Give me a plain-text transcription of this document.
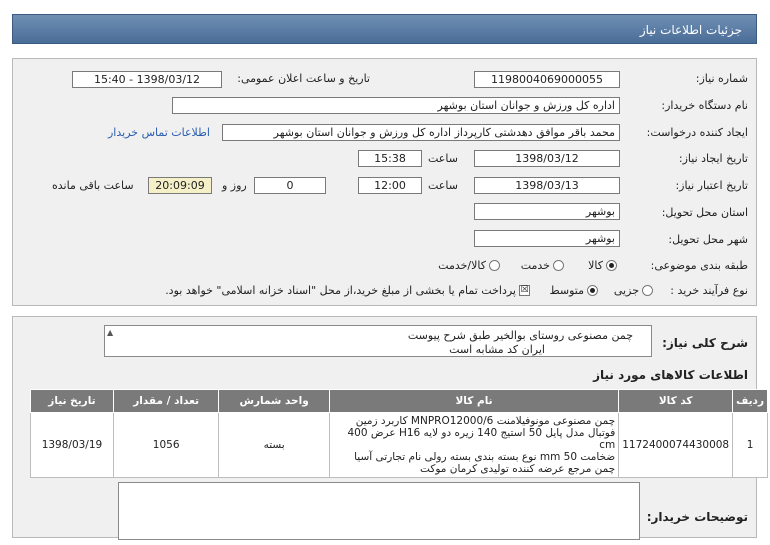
جزئیات اطلاعات نیاز
شماره نیاز:
1198004069000055
تاریخ و ساعت اعلان عمومی:
1398/03/12 - 15:40
نام دستگاه خریدار:
اداره کل ورزش و جوانان استان بوشهر
ایجاد کننده درخواست:
محمد باقر موافق دهدشتی کارپرداز اداره کل ورزش و جوانان استان بوشهر
اطلاعات تماس خریدار
تاریخ ایجاد نیاز:
1398/03/12
ساعت
15:38
تاریخ اعتبار نیاز:
1398/03/13
ساعت
12:00
0
روز و
20:09:09
ساعت باقی مانده
استان محل تحویل:
بوشهر
شهر محل تحویل:
بوشهر
طبقه بندی موضوعی:
کالا
خدمت
کالا/خدمت
نوع فرآیند خرید :
جزیی
متوسط
☒پرداخت تمام یا بخشی از مبلغ خرید،از محل "اسناد خزانه اسلامی" خواهد بود.
شرح کلی نیاز:
▲	چمن مصنوعی روستای بوالخیر طبق شرح پیوست
ایران کد مشابه است
اطلاعات کالاهای مورد نیاز
ردیف	کد کالا	نام کالا	واحد شمارش	تعداد / مقدار	تاریخ نیاز
1	1172400074430008	چمن مصنوعی مونوفیلامنت MNPRO12000/6 کاربرد زمین
فوتبال مدل پایل 50 استیج 140 زیره دو لایه H16 عرض 400 cm
ضخامت 50 mm نوع بسته بندی بسته رولی نام تجارتی آسیا
چمن مرجع عرضه کننده تولیدی کرمان موکت	بسته	1056	1398/03/19
توضیحات خریدار:
